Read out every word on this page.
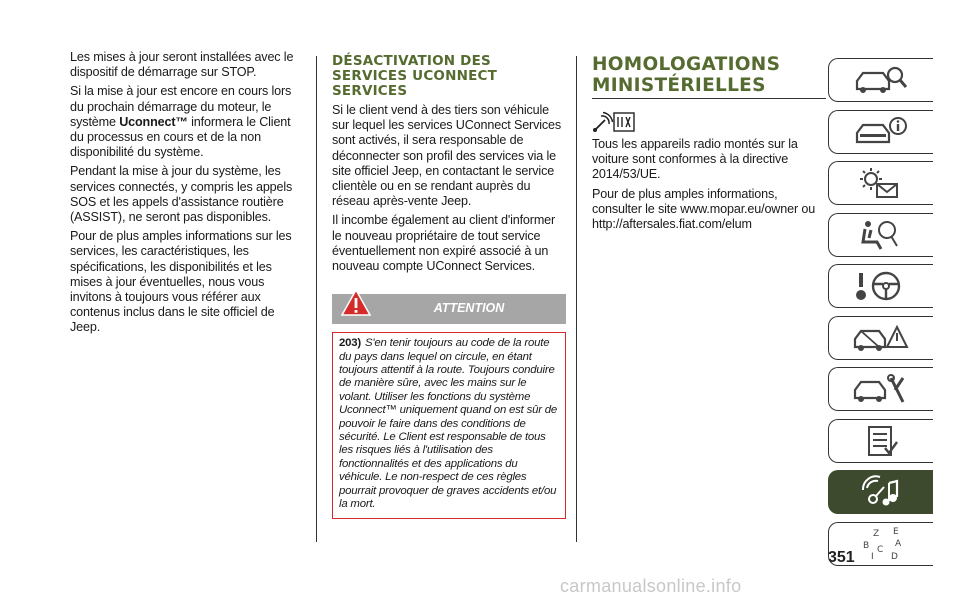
Les mises à jour seront installées avec le dispositif de démarrage sur STOP.

Si la mise à jour est encore en cours lors du prochain démarrage du moteur, le système Uconnect™ informera le Client du processus en cours et de la non disponibilité du système.

Pendant la mise à jour du système, les services connectés, y compris les appels SOS et les appels d'assistance routière (ASSIST), ne seront pas disponibles.

Pour de plus amples informations sur les services, les caractéristiques, les spécifications, les disponibilités et les mises à jour éventuelles, nous vous invitons à toujours vous référer aux contenus inclus dans le site officiel de Jeep.

DÉSACTIVATION DES SERVICES UCONNECT SERVICES

Si le client vend à des tiers son véhicule sur lequel les services UConnect Services sont activés, il sera responsable de déconnecter son profil des services via le site officiel Jeep, en contactant le service clientèle ou en se rendant auprès du réseau après-vente Jeep.

Il incombe également au client d'informer le nouveau propriétaire de tout service éventuellement non expiré associé à un nouveau compte UConnect Services.

ATTENTION
203) S'en tenir toujours au code de la route du pays dans lequel on circule, en étant toujours attentif à la route. Toujours conduire de manière sûre, avec les mains sur le volant. Utiliser les fonctions du système Uconnect™ uniquement quand on est sûr de pouvoir le faire dans des conditions de sécurité. Le Client est responsable de tous les risques liés à l'utilisation des fonctionnalités et des applications du véhicule. Le non-respect de ces règles pourrait provoquer de graves accidents et/ou la mort.
HOMOLOGATIONS MINISTÉRIELLES

Tous les appareils radio montés sur la voiture sont conformes à la directive 2014/53/UE.

Pour de plus amples informations, consulter le site www.mopar.eu/owner ou http://aftersales.fiat.com/elum

Z E
B C
A
D
I
351
carmanualsonline.info
